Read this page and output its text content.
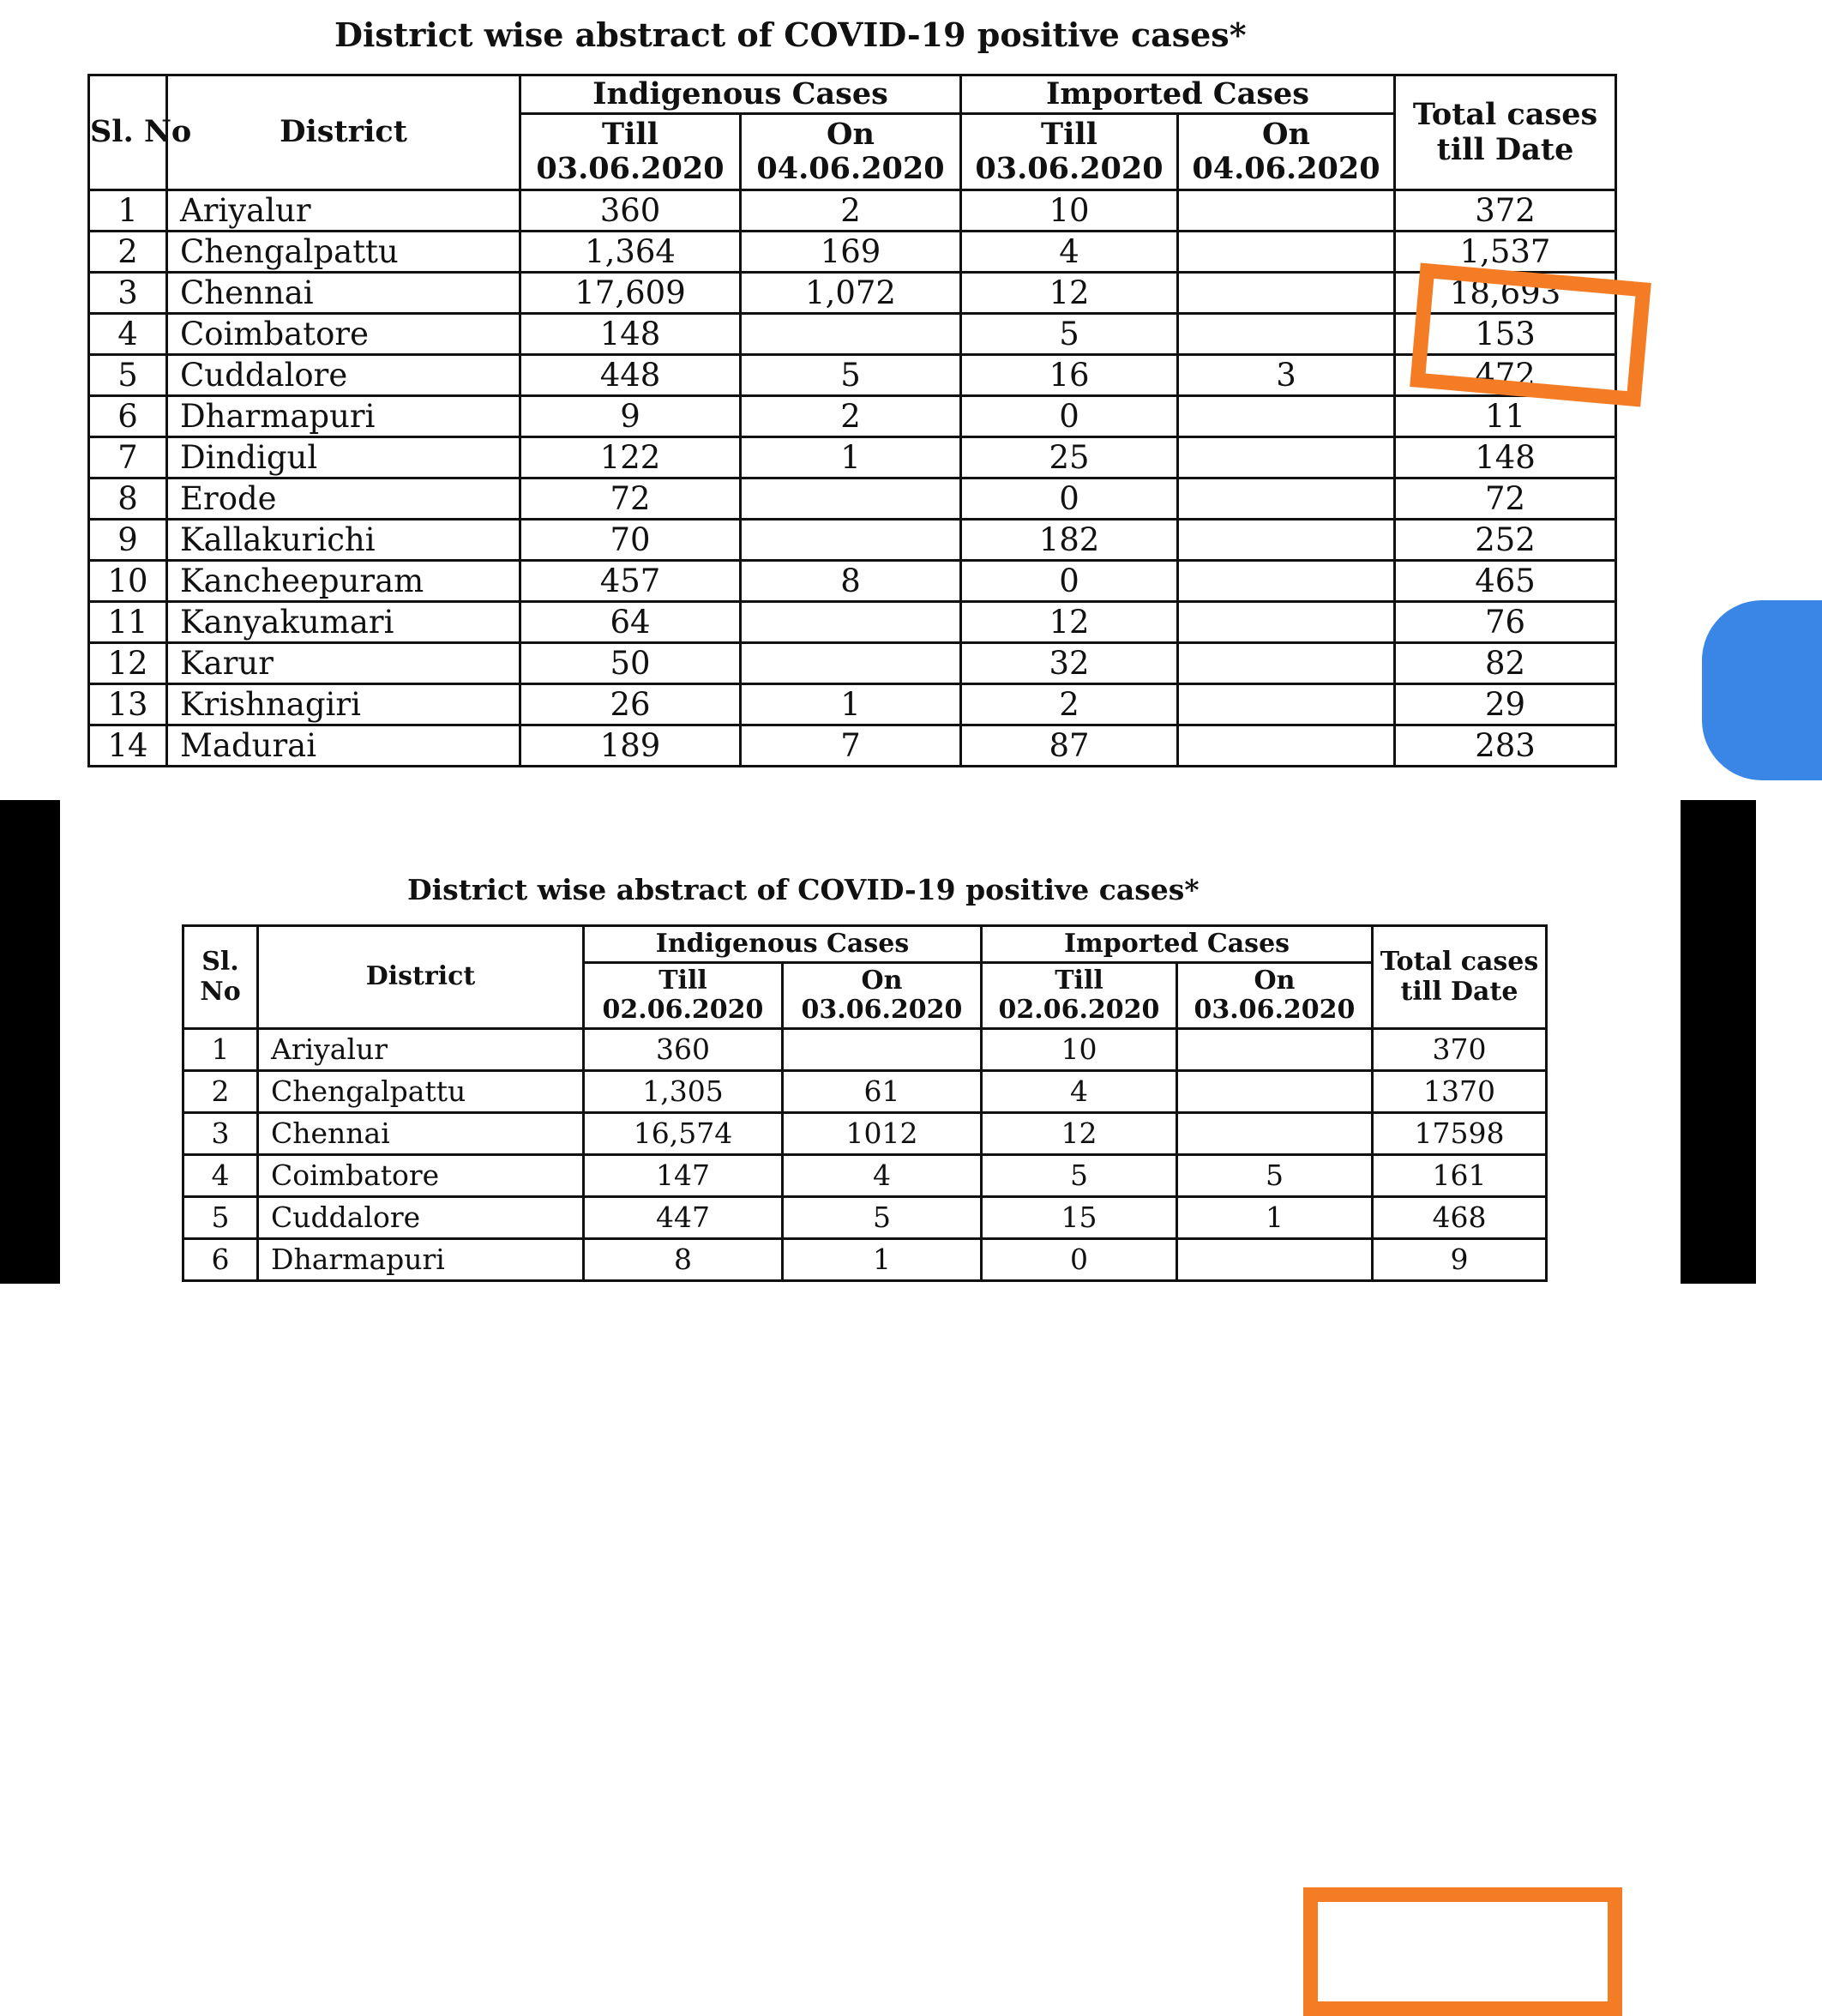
District wise abstract of COVID-19 positive cases*
Sl. No	District	Indigenous Cases		Imported Cases		Total cases till Date
		Till 03.06.2020	On 04.06.2020	Till 03.06.2020	On 04.06.2020	
1	Ariyalur	360	2	10		372
2	Chengalpattu	1,364	169	4		1,537
3	Chennai	17,609	1,072	12		18,693
4	Coimbatore	148		5		153
5	Cuddalore	448	5	16	3	472
6	Dharmapuri	9	2	0		11
7	Dindigul	122	1	25		148
8	Erode	72		0		72
9	Kallakurichi	70		182		252
10	Kancheepuram	457	8	0		465
11	Kanyakumari	64		12		76
12	Karur	50		32		82
13	Krishnagiri	26	1	2		29
14	Madurai	189	7	87		283
District wise abstract of COVID-19 positive cases*
Sl. No	District	Indigenous Cases		Imported Cases		Total cases till Date
		Till 02.06.2020	On 03.06.2020	Till 02.06.2020	On 03.06.2020	
1	Ariyalur	360		10		370
2	Chengalpattu	1,305	61	4		1370
3	Chennai	16,574	1012	12		17598
4	Coimbatore	147	4	5	5	161
5	Cuddalore	447	5	15	1	468
6	Dharmapuri	8	1	0		9
